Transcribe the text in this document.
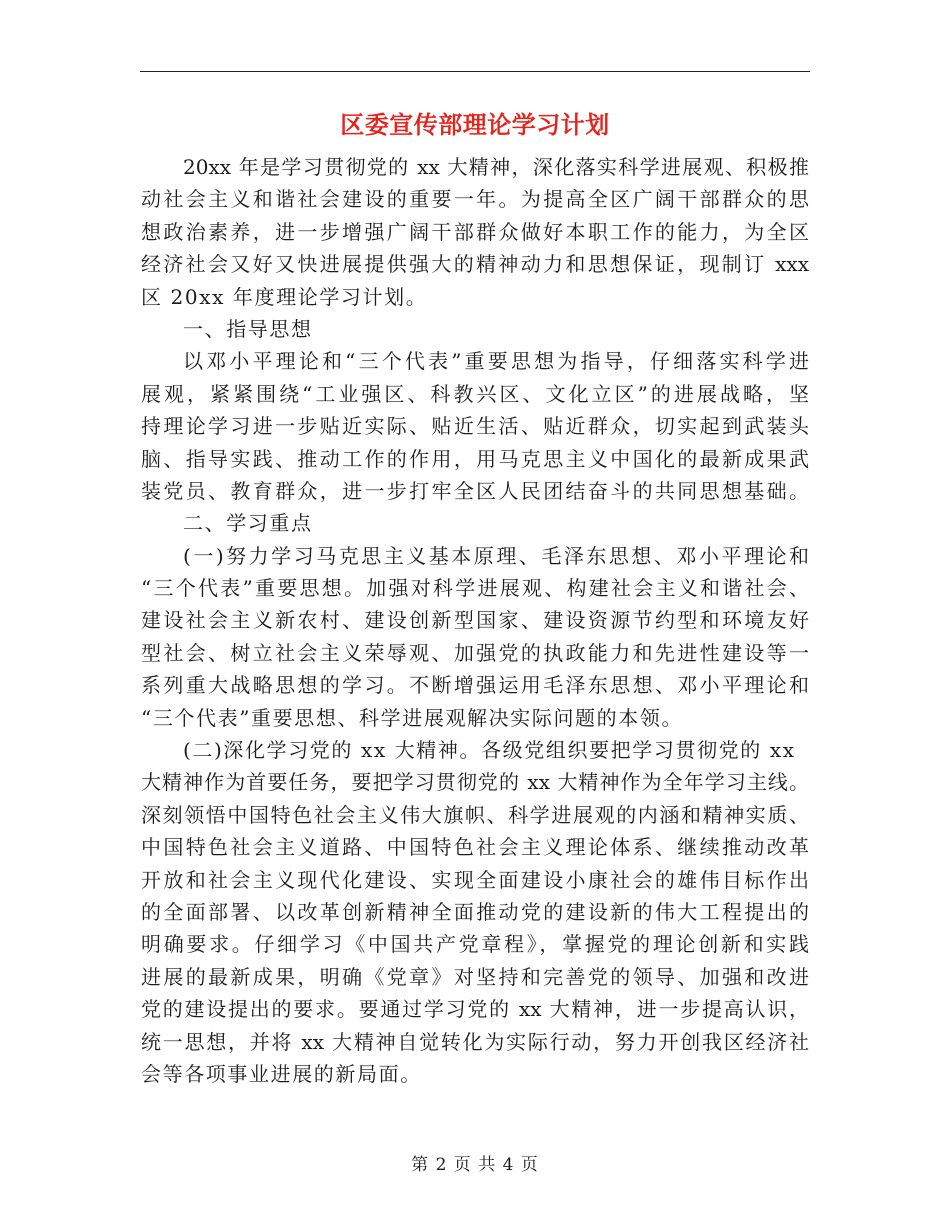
区委宣传部理论学习计划
20xx 年是学习贯彻党的 xx 大精神，深化落实科学进展观、积极推
动社会主义和谐社会建设的重要一年。为提高全区广阔干部群众的思
想政治素养，进一步增强广阔干部群众做好本职工作的能力，为全区
经济社会又好又快进展提供强大的精神动力和思想保证，现制订 xxx
区 20xx 年度理论学习计划。
一、指导思想
以邓小平理论和“三个代表”重要思想为指导，仔细落实科学进
展观，紧紧围绕“工业强区、科教兴区、文化立区”的进展战略，坚
持理论学习进一步贴近实际、贴近生活、贴近群众，切实起到武装头
脑、指导实践、推动工作的作用，用马克思主义中国化的最新成果武
装党员、教育群众，进一步打牢全区人民团结奋斗的共同思想基础。
二、学习重点
(一)努力学习马克思主义基本原理、毛泽东思想、邓小平理论和
“三个代表”重要思想。加强对科学进展观、构建社会主义和谐社会、
建设社会主义新农村、建设创新型国家、建设资源节约型和环境友好
型社会、树立社会主义荣辱观、加强党的执政能力和先进性建设等一
系列重大战略思想的学习。不断增强运用毛泽东思想、邓小平理论和
“三个代表”重要思想、科学进展观解决实际问题的本领。
(二)深化学习党的 xx 大精神。各级党组织要把学习贯彻党的 xx
大精神作为首要任务，要把学习贯彻党的 xx 大精神作为全年学习主线。
深刻领悟中国特色社会主义伟大旗帜、科学进展观的内涵和精神实质、
中国特色社会主义道路、中国特色社会主义理论体系、继续推动改革
开放和社会主义现代化建设、实现全面建设小康社会的雄伟目标作出
的全面部署、以改革创新精神全面推动党的建设新的伟大工程提出的
明确要求。仔细学习《中国共产党章程》，掌握党的理论创新和实践
进展的最新成果，明确《党章》对坚持和完善党的领导、加强和改进
党的建设提出的要求。要通过学习党的 xx 大精神，进一步提高认识，
统一思想，并将 xx 大精神自觉转化为实际行动，努力开创我区经济社
会等各项事业进展的新局面。
第 2 页 共 4 页
